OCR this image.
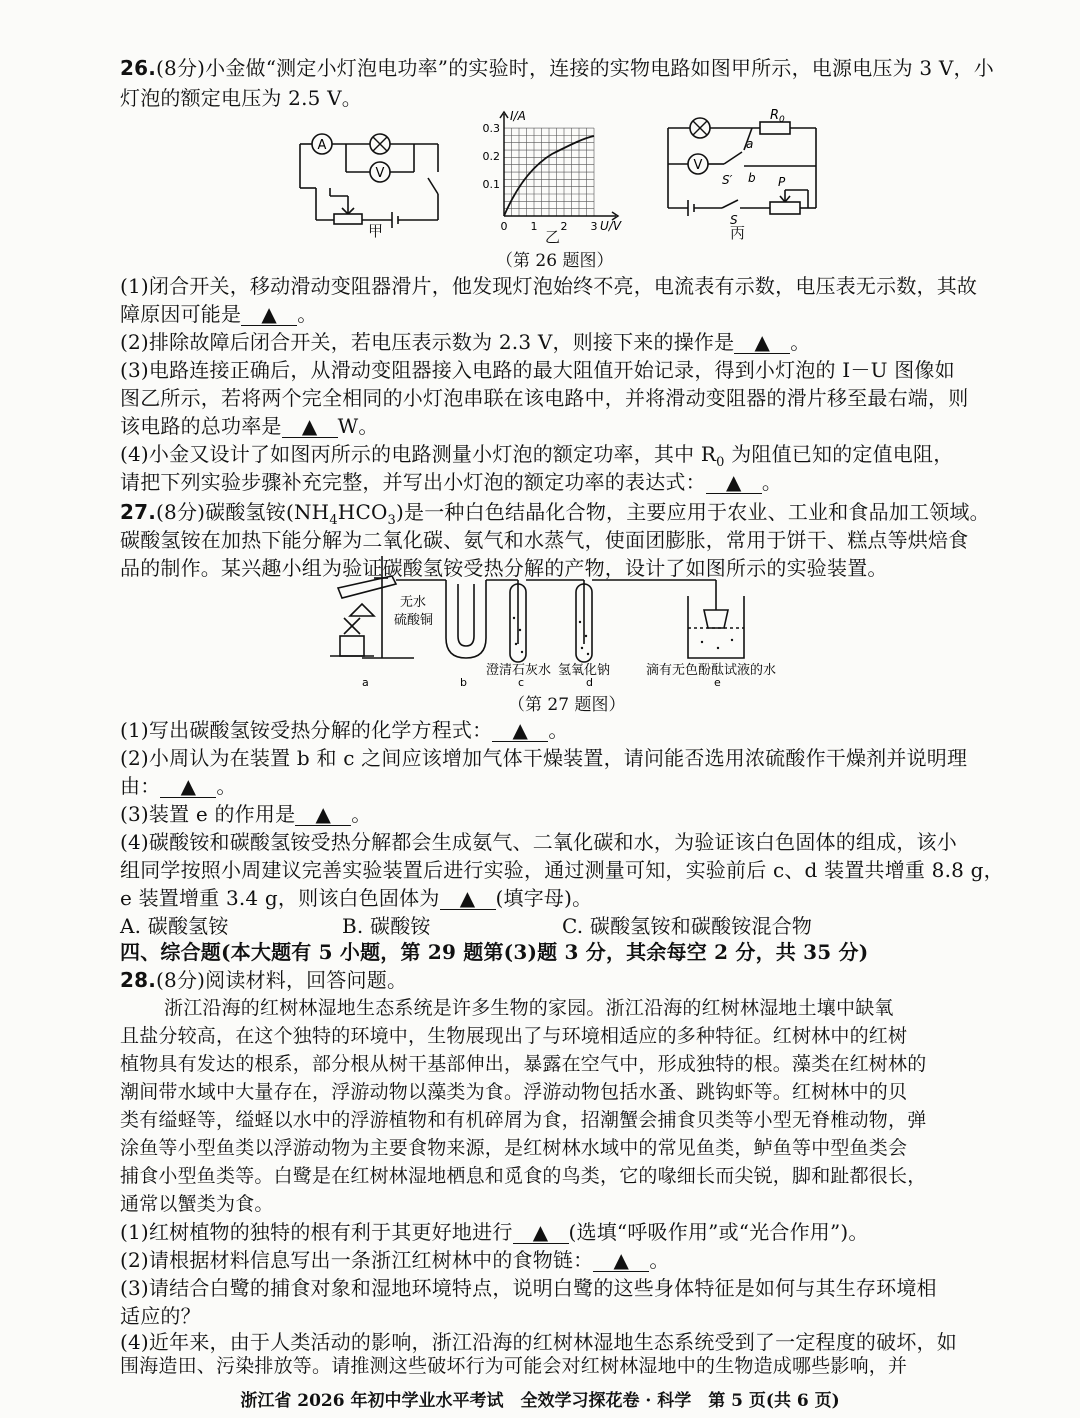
26.(8分)小金做“测定小灯泡电功率”的实验时，连接的实物电路如图甲所示，电源电压为 3 V，小
灯泡的额定电压为 2.5 V。
A
V
甲
I/A
U/V
0.3
0.2
0.1
0 1 2 3
乙
V
$R_0$
a
b
S′	P
S
丙
（第 26 题图）
(1)闭合开关，移动滑动变阻器滑片，他发现灯泡始终不亮，电流表有示数，电压表无示数，其故
障原因可能是 ▲ 。
(2)排除故障后闭合开关，若电压表示数为 2.3 V，则接下来的操作是 ▲ 。
(3)电路连接正确后，从滑动变阻器接入电路的最大阻值开始记录，得到小灯泡的 I－U 图像如
图乙所示，若将两个完全相同的小灯泡串联在该电路中，并将滑动变阻器的滑片移至最右端，则
该电路的总功率是 ▲ W。
(4)小金又设计了如图丙所示的电路测量小灯泡的额定功率，其中 $R_0$ 为阻值已知的定值电阻，
请把下列实验步骤补充完整，并写出小灯泡的额定功率的表达式： ▲ 。
27.(8分)碳酸氢铵$(NH_4HCO_3)$是一种白色结晶化合物，主要应用于农业、工业和食品加工领域。
碳酸氢铵在加热下能分解为二氧化碳、氨气和水蒸气，使面团膨胀，常用于饼干、糕点等烘焙食
品的制作。某兴趣小组为验证碳酸氢铵受热分解的产物，设计了如图所示的实验装置。
无水
硫酸铜
澄清石灰水 氢氧化钠	滴有无色酚酞试液的水
a	b	c	d	e
（第 27 题图）
(1)写出碳酸氢铵受热分解的化学方程式： ▲ 。
(2)小周认为在装置 b 和 c 之间应该增加气体干燥装置，请问能否选用浓硫酸作干燥剂并说明理
由： ▲ 。
(3)装置 e 的作用是 ▲ 。
(4)碳酸铵和碳酸氢铵受热分解都会生成氨气、二氧化碳和水，为验证该白色固体的组成，该小
组同学按照小周建议完善实验装置后进行实验，通过测量可知，实验前后 c、d 装置共增重 8.8 g，
e 装置增重 3.4 g，则该白色固体为 ▲ (填字母)。
A. 碳酸氢铵	B. 碳酸铵	C. 碳酸氢铵和碳酸铵混合物
四、综合题(本大题有 5 小题，第 29 题第(3)题 3 分，其余每空 2 分，共 35 分)
28.(8分)阅读材料，回答问题。
浙江沿海的红树林湿地生态系统是许多生物的家园。浙江沿海的红树林湿地土壤中缺氧
且盐分较高，在这个独特的环境中，生物展现出了与环境相适应的多种特征。红树林中的红树
植物具有发达的根系，部分根从树干基部伸出，暴露在空气中，形成独特的根。藻类在红树林的
潮间带水域中大量存在，浮游动物以藻类为食。浮游动物包括水蚤、跳钩虾等。红树林中的贝
类有缢蛏等，缢蛏以水中的浮游植物和有机碎屑为食，招潮蟹会捕食贝类等小型无脊椎动物，弹
涂鱼等小型鱼类以浮游动物为主要食物来源，是红树林水域中的常见鱼类，鲈鱼等中型鱼类会
捕食小型鱼类等。白鹭是在红树林湿地栖息和觅食的鸟类，它的喙细长而尖锐，脚和趾都很长，
通常以蟹类为食。
(1)红树植物的独特的根有利于其更好地进行 ▲ (选填“呼吸作用”或“光合作用”)。
(2)请根据材料信息写出一条浙江红树林中的食物链： ▲ 。
(3)请结合白鹭的捕食对象和湿地环境特点，说明白鹭的这些身体特征是如何与其生存环境相
适应的？
(4)近年来，由于人类活动的影响，浙江沿海的红树林湿地生态系统受到了一定程度的破坏，如
围海造田、污染排放等。请推测这些破坏行为可能会对红树林湿地中的生物造成哪些影响，并
浙江省 2026 年初中学业水平考试　全效学习探花卷 · 科学　第 5 页(共 6 页)
